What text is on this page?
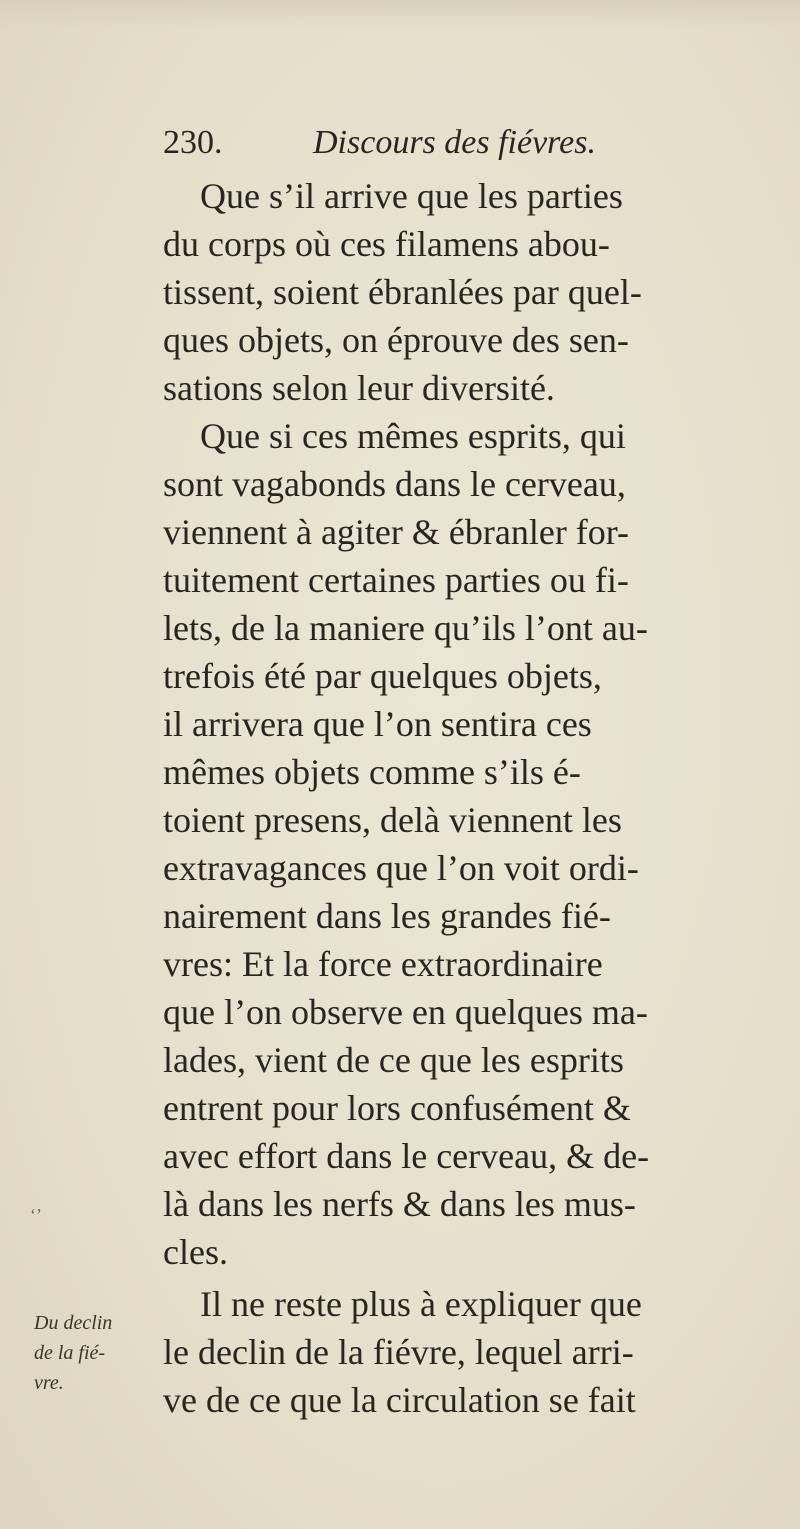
230.	Discours des fiévres.
Que s’il arrive que les parties
du corps où ces filamens abou-
tissent, soient ébranlées par quel-
ques objets, on éprouve des sen-
sations selon leur diversité.
Que si ces mêmes esprits, qui
sont vagabonds dans le cerveau,
viennent à agiter & ébranler for-
tuitement certaines parties ou fi-
lets, de la maniere qu’ils l’ont au-
trefois été par quelques objets,
il arrivera que l’on sentira ces
mêmes objets comme s’ils é-
toient presens, delà viennent les
extravagances que l’on voit ordi-
nairement dans les grandes fié-
vres: Et la force extraordinaire
que l’on observe en quelques ma-
lades, vient de ce que les esprits
entrent pour lors confusément &
avec effort dans le cerveau, & de-
là dans les nerfs & dans les mus-
cles.
Il ne reste plus à expliquer que
le declin de la fiévre, lequel arri-
ve de ce que la circulation se fait
‘’
Du declin
de la fié-
vre.
